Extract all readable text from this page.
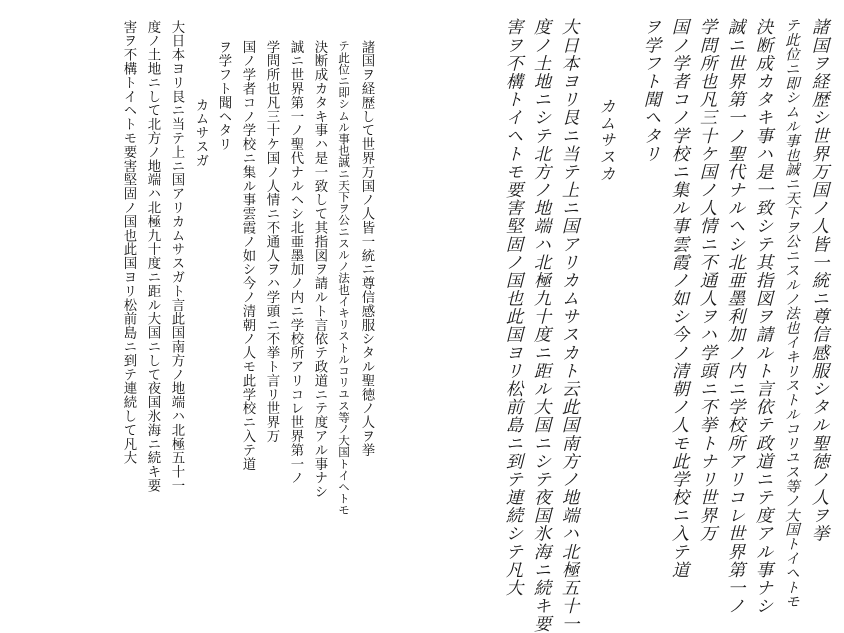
諸国ヲ経歴して世界万国ノ人皆一統ニ尊信感服シタル聖徳ノ人ヲ挙
テ此位ニ即シムル事也誠ニ天下ヲ公ニスルノ法也イキリストルコリユス等ノ大国トイヘトモ
決断成カタキ事ハ是一致して其指図ヲ請ルト言依テ政道ニテ度アル事ナシ
誠ニ世界第一ノ聖代ナルヘシ北亜墨加ノ内ニ学校所アリコレ世界第一ノ
学問所也凡三十ケ国ノ人情ニ不通人ヲハ学頭ニ不挙ト言リ世界万
国ノ学者コノ学校ニ集ル事雲霞ノ如シ今ノ清朝ノ人モ此学校ニ入テ道
ヲ学フト聞ヘタリ
カムサスガ
大日本ヨリ艮ニ当テ上ニ国アリカムサスガト言此国南方ノ地端ハ北極五十一
度ノ土地ニして北方ノ地端ハ北極九十度ニ距ル大国ニして夜国氷海ニ続キ要
害ヲ不構トイヘトモ要害堅固ノ国也此国ヨリ松前島ニ到テ連続して凡大	諸国ヲ経歴シ世界万国ノ人皆一統ニ尊信感服シタル聖徳ノ人ヲ挙
テ此位ニ即シムル事也誠ニ天下ヲ公ニスルノ法也イキリストルコリユス等ノ大国トイヘトモ
決断成カタキ事ハ是一致シテ其指図ヲ請ルト言依テ政道ニテ度アル事ナシ
誠ニ世界第一ノ聖代ナルヘシ北亜墨利加ノ内ニ学校所アリコレ世界第一ノ
学問所也凡三十ケ国ノ人情ニ不通人ヲハ学頭ニ不挙トナリ世界万
国ノ学者コノ学校ニ集ル事雲霞ノ如シ今ノ清朝ノ人モ此学校ニ入テ道
ヲ学フト聞ヘタリ
カムサスカ
大日本ヨリ艮ニ当テ上ニ国アリカムサスカト云此国南方ノ地端ハ北極五十一
度ノ土地ニシテ北方ノ地端ハ北極九十度ニ距ル大国ニシテ夜国氷海ニ続キ要
害ヲ不構トイヘトモ要害堅固ノ国也此国ヨリ松前島ニ到テ連続シテ凡大
